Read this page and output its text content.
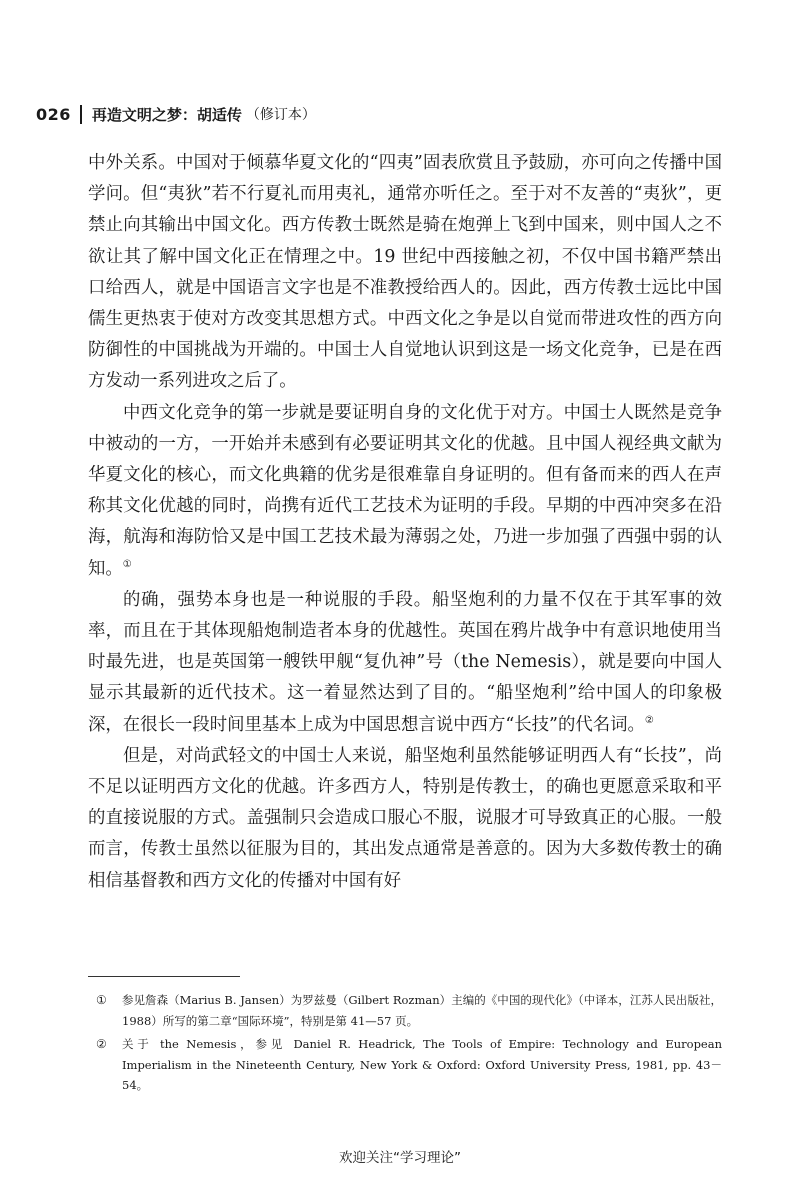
026 再造文明之梦：胡适传 （修订本）

中外关系。中国对于倾慕华夏文化的“四夷”固表欣赏且予鼓励，亦可向之传播中国学问。但“夷狄”若不行夏礼而用夷礼，通常亦听任之。至于对不友善的“夷狄”，更禁止向其输出中国文化。西方传教士既然是骑在炮弹上飞到中国来，则中国人之不欲让其了解中国文化正在情理之中。19 世纪中西接触之初，不仅中国书籍严禁出口给西人，就是中国语言文字也是不准教授给西人的。因此，西方传教士远比中国儒生更热衷于使对方改变其思想方式。中西文化之争是以自觉而带进攻性的西方向防御性的中国挑战为开端的。中国士人自觉地认识到这是一场文化竞争，已是在西方发动一系列进攻之后了。

中西文化竞争的第一步就是要证明自身的文化优于对方。中国士人既然是竞争中被动的一方，一开始并未感到有必要证明其文化的优越。且中国人视经典文献为华夏文化的核心，而文化典籍的优劣是很难靠自身证明的。但有备而来的西人在声称其文化优越的同时，尚携有近代工艺技术为证明的手段。早期的中西冲突多在沿海，航海和海防恰又是中国工艺技术最为薄弱之处，乃进一步加强了西强中弱的认知。①

的确，强势本身也是一种说服的手段。船坚炮利的力量不仅在于其军事的效率，而且在于其体现船炮制造者本身的优越性。英国在鸦片战争中有意识地使用当时最先进，也是英国第一艘铁甲舰“复仇神”号（the Nemesis），就是要向中国人显示其最新的近代技术。这一着显然达到了目的。“船坚炮利”给中国人的印象极深，在很长一段时间里基本上成为中国思想言说中西方“长技”的代名词。②

但是，对尚武轻文的中国士人来说，船坚炮利虽然能够证明西人有“长技”，尚不足以证明西方文化的优越。许多西方人，特别是传教士，的确也更愿意采取和平的直接说服的方式。盖强制只会造成口服心不服，说服才可导致真正的心服。一般而言，传教士虽然以征服为目的，其出发点通常是善意的。因为大多数传教士的确相信基督教和西方文化的传播对中国有好

①	参见詹森（Marius B. Jansen）为罗兹曼（Gilbert Rozman）主编的《中国的现代化》（中译本，江苏人民出版社，1988）所写的第二章“国际环境”，特别是第 41—57 页。
②	关于 the Nemesis，参见 Daniel R. Headrick, The Tools of Empire: Technology and European Imperialism in the Nineteenth Century, New York & Oxford: Oxford University Press, 1981, pp. 43－54。
欢迎关注“学习理论”
